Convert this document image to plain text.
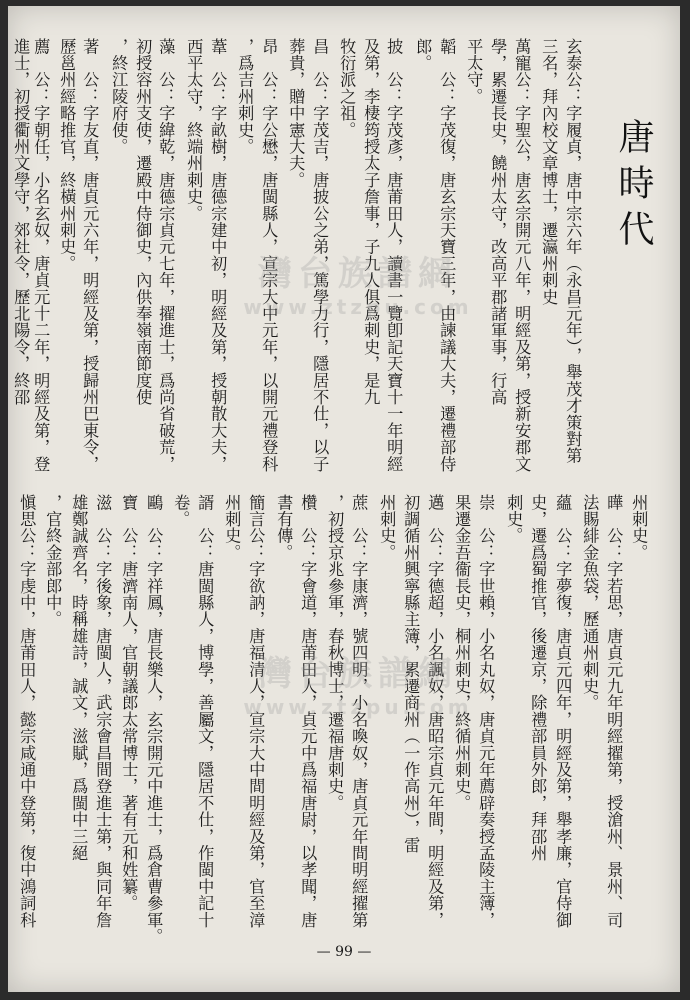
唐時代
玄泰公：字履貞，唐中宗六年（永昌元年），舉茂才策對第
三名，拜內校文章博士，遷瀛州刺史
萬寵公：字聖公，唐玄宗開元八年，明經及第，授新安郡文
學，累遷長史，饒州太守，改高平郡諸軍事，行高
平太守。
韜　公：字茂復，唐玄宗天寶三年，由諫議大夫，遷禮部侍
郎。
披　公：字茂彥，唐莆田人，讀書一覽卽記天寶十一年明經
及第，李棲筠授太子詹事，子九人俱爲刺史，是九
牧衍派之祖。
昌　公：字茂吉，唐披公之弟，篤學力行，隱居不仕，以子
葬貴，贈中憲大夫。
昂　公：字公懋，唐閩縣人，宣宗大中元年，以開元禮登科
，爲吉州刺史。
葦　公：字畝樹，唐德宗建中初，明經及第，授朝散大夫，
西平太守，終端州刺史。
藻　公：字緯乾，唐德宗貞元七年，擢進士，爲尚省破荒，
初授容州支使，遷殿中侍御史，內供奉嶺南節度使
，終江陵府使。
著　公：字友直，唐貞元六年，明經及第，授歸州巴東令，
歷邕州經略推官，終橫州刺史。
薦　公：字朝任，小名玄奴，唐貞元十二年，明經及第，登
進士，初授衢州文學守，郊社令，歷北陽令，終邵
州刺史。
曄　公：字若思，唐貞元九年明經擢第，授滄州、景州、司
法賜緋金魚袋，歷通州刺史。
蘊　公：字夢復，唐貞元四年，明經及第，舉孝廉，官侍御
史，遷爲蜀推官，後遷京，除禮部員外郎，拜邵州
刺史。
崇　公：字世賴，小名丸奴，唐貞元年薦辟奏授孟陵主簿，
果遷金吾衞長史，桐州刺史，終循州刺史。
邁　公：字德超，小名諷奴，唐昭宗貞元年間，明經及第，
初調循州興寧縣主簿，累遷商州（一作高州），雷
州刺史。
蔗　公：字康濟，號四明，小名喚奴，唐貞元年間明經擢第
，初授京兆參軍，春秋博士，遷福唐刺史。
欑　公：字會道，唐莆田人，貞元中爲福唐尉，以孝聞，唐
書有傳。
簡言公：字欲訥，唐福清人，宣宗大中間明經及第，官至漳
州刺史。
諝　公：唐閩縣人，博學，善屬文，隱居不仕，作閩中記十
卷。
鷗　公：字祥鳳，唐長樂人，玄宗開元中進士，爲倉曹參軍。
寶　公：唐濟南人，官朝議郎太常博士，著有元和姓纂。
滋　公：字後象，唐閩人，武宗會昌間登進士第，與同年詹
雄鄭誠齊名，時稱雄詩，誠文，滋賦，爲閩中三絕
，官終金部郎中。
愼思公：字虔中，唐莆田人，懿宗咸通中登第，復中鴻詞科
灣台族譜網
www.ztzpu.com
灣台族譜網
www.ztzpu.com
— 99 —
